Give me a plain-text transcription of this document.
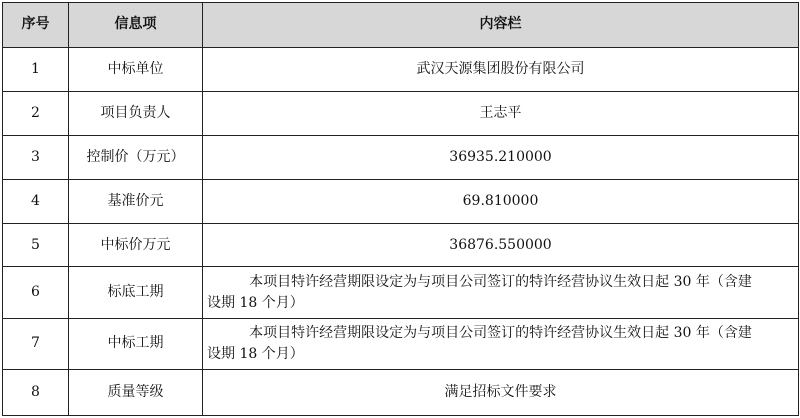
序号	信息项	内容栏
1	中标单位	武汉天源集团股份有限公司
2	项目负责人	王志平
3	控制价（万元）	36935.210000
4	基准价元	69.810000
5	中标价万元	36876.550000
6	标底工期	本项目特许经营期限设定为与项目公司签订的特许经营协议生效日起 30 年（含建
设期 18 个月）

7	中标工期	本项目特许经营期限设定为与项目公司签订的特许经营协议生效日起 30 年（含建
设期 18 个月）

8	质量等级	满足招标文件要求
